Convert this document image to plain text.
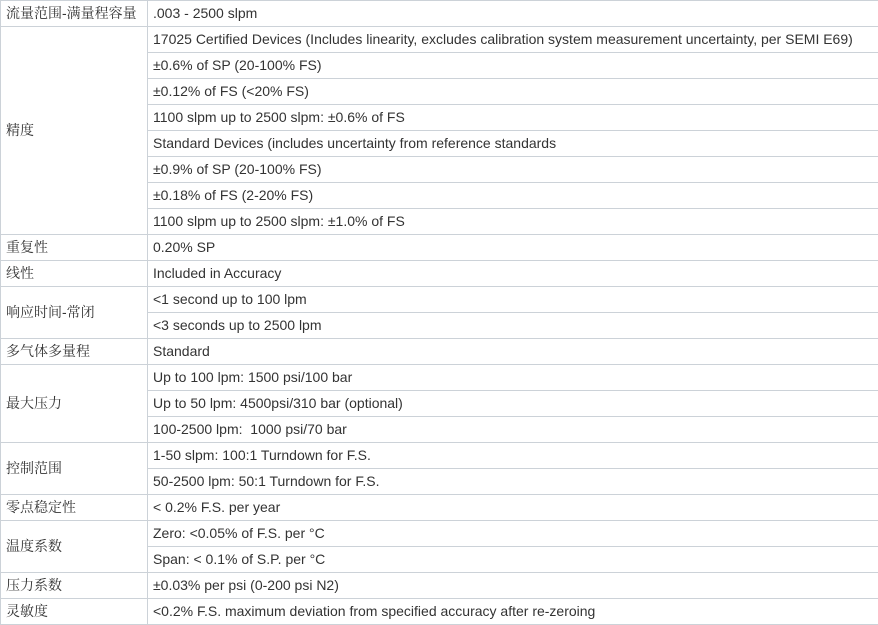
流量范围-满量程容量	.003 - 2500 slpm
精度	17025 Certified Devices (Includes linearity, excludes calibration system measurement uncertainty, per SEMI E69)
	±0.6% of SP (20-100% FS)
	±0.12% of FS (<20% FS)
	1100 slpm up to 2500 slpm: ±0.6% of FS
	Standard Devices (includes uncertainty from reference standards
	±0.9% of SP (20-100% FS)
	±0.18% of FS (2-20% FS)
	1100 slpm up to 2500 slpm: ±1.0% of FS
重复性	0.20% SP
线性	Included in Accuracy
响应时间-常闭	<1 second up to 100 lpm
	<3 seconds up to 2500 lpm
多气体多量程	Standard
最大压力	Up to 100 lpm: 1500 psi/100 bar
	Up to 50 lpm: 4500psi/310 bar (optional)
	100-2500 lpm:  1000 psi/70 bar
控制范围	1-50 slpm: 100:1 Turndown for F.S.
	50-2500 lpm: 50:1 Turndown for F.S.
零点稳定性	< 0.2% F.S. per year
温度系数	Zero: <0.05% of F.S. per °C
	Span: < 0.1% of S.P. per °C
压力系数	±0.03% per psi (0-200 psi N2)
灵敏度	<0.2% F.S. maximum deviation from specified accuracy after re-zeroing
